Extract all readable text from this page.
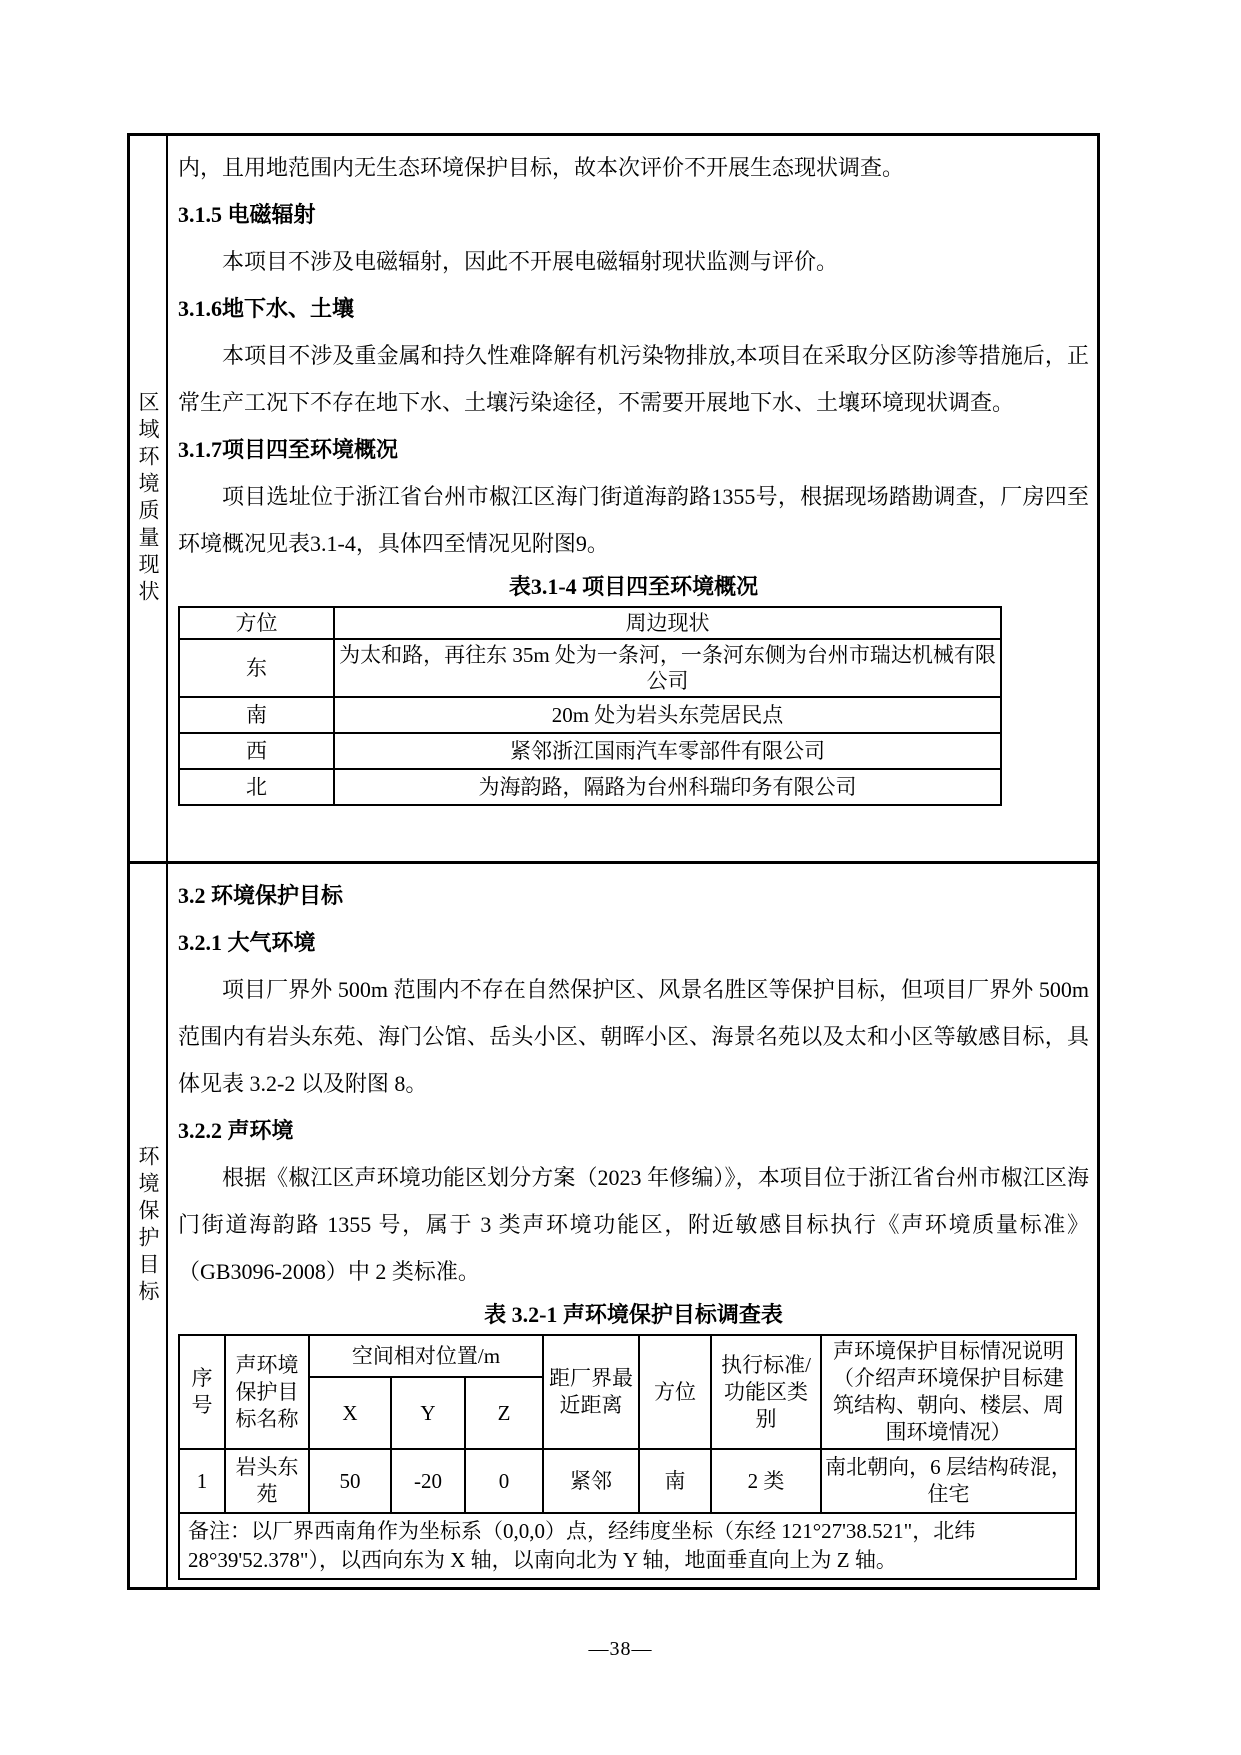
区域环境质量现状

内，且用地范围内无生态环境保护目标，故本次评价不开展生态现状调查。

3.1.5 电磁辐射

本项目不涉及电磁辐射，因此不开展电磁辐射现状监测与评价。

3.1.6地下水、土壤

本项目不涉及重金属和持久性难降解有机污染物排放,本项目在采取分区防渗等措施后，正常生产工况下不存在地下水、土壤污染途径，不需要开展地下水、土壤环境现状调查。

3.1.7项目四至环境概况

项目选址位于浙江省台州市椒江区海门街道海韵路1355号，根据现场踏勘调查，厂房四至环境概况见表3.1-4，具体四至情况见附图9。

表3.1-4 项目四至环境概况
方位	周边现状
东	为太和路，再往东 35m 处为一条河，一条河东侧为台州市瑞达机械有限公司
南	20m 处为岩头东莞居民点
西	紧邻浙江国雨汽车零部件有限公司
北	为海韵路，隔路为台州科瑞印务有限公司
环境保护目标
3.2 环境保护目标
3.2.1 大气环境

项目厂界外 500m 范围内不存在自然保护区、风景名胜区等保护目标，但项目厂界外 500m 范围内有岩头东苑、海门公馆、岳头小区、朝晖小区、海景名苑以及太和小区等敏感目标，具体见表 3.2-2 以及附图 8。

3.2.2 声环境

根据《椒江区声环境功能区划分方案（2023 年修编）》，本项目位于浙江省台州市椒江区海门街道海韵路 1355 号，属于 3 类声环境功能区，附近敏感目标执行《声环境质量标准》（GB3096-2008）中 2 类标准。

表 3.2-1 声环境保护目标调查表
序号	声环境保护目标名称	空间相对位置/m			距厂界最近距离	方位	执行标准/功能区类别	声环境保护目标情况说明（介绍声环境保护目标建筑结构、朝向、楼层、周围环境情况）
		X	Y	Z				
1	岩头东苑	50	-20	0	紧邻	南	2 类	南北朝向，6 层结构砖混，住宅
备注：以厂界西南角作为坐标系（0,0,0）点，经纬度坐标（东经 121°27'38.521"，北纬 28°39'52.378"），以西向东为 X 轴，以南向北为 Y 轴，地面垂直向上为 Z 轴。								
—38—
